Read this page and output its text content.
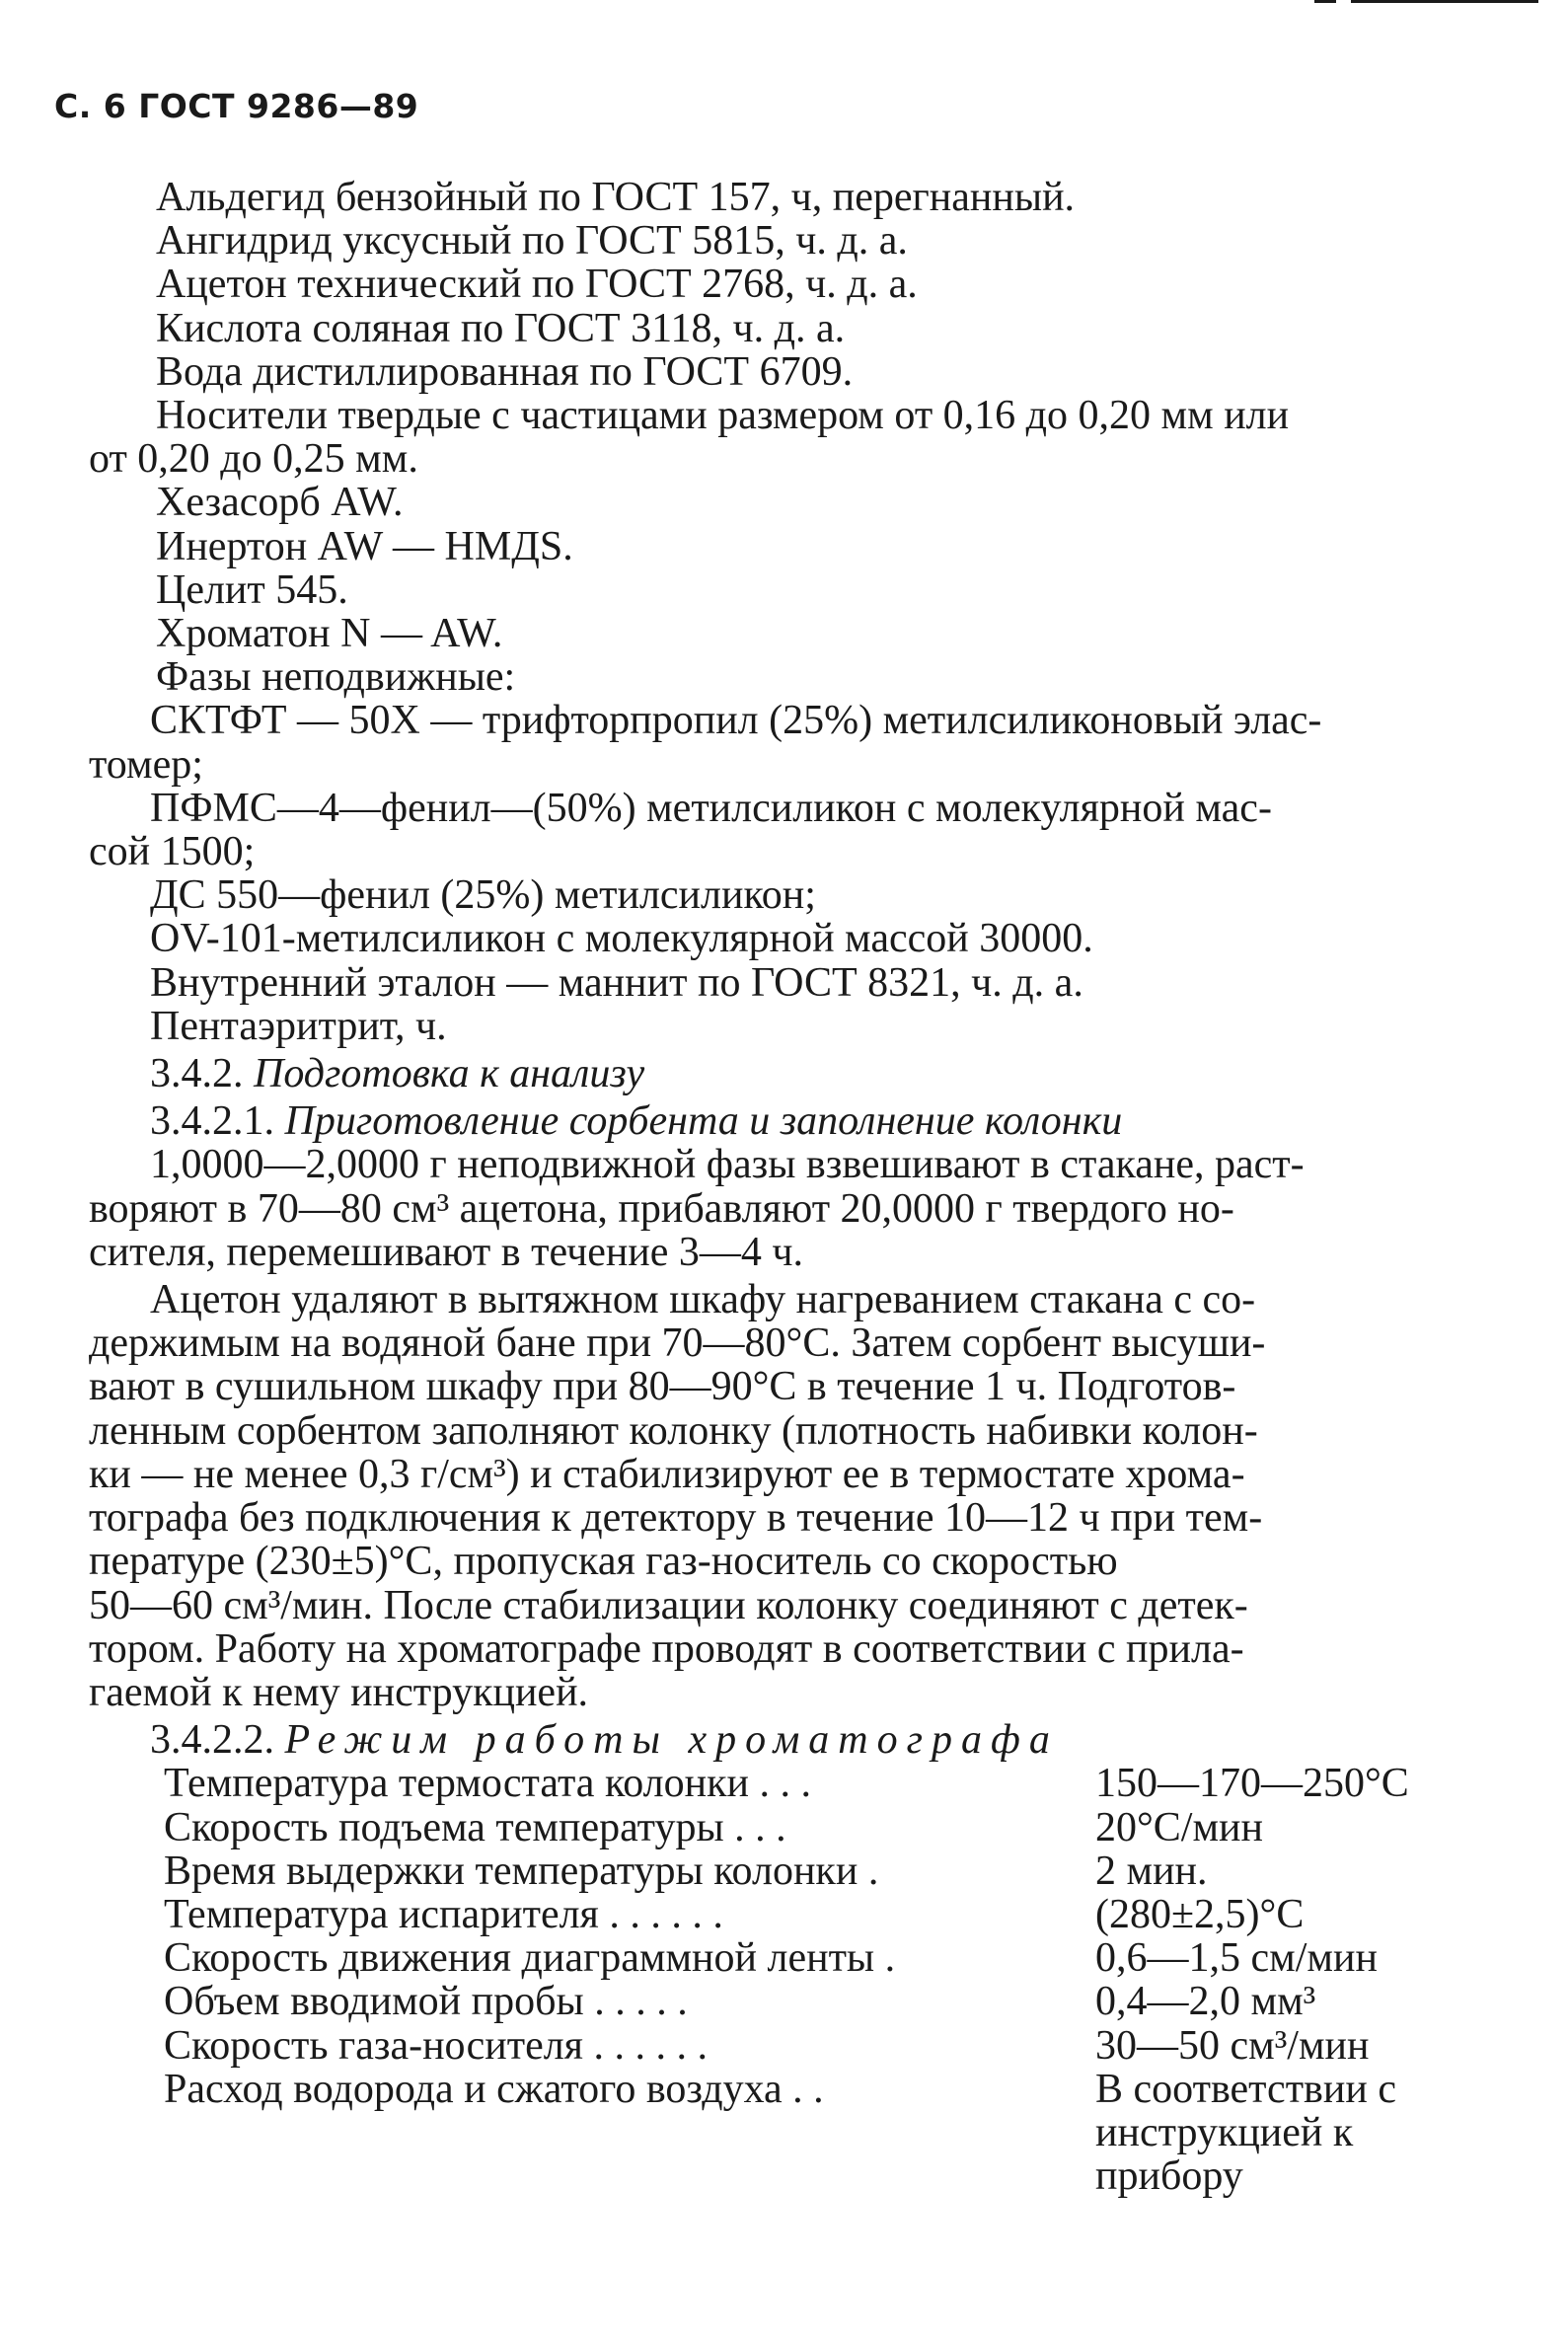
С. 6 ГОСТ 9286—89
Альдегид бензойный по ГОСТ 157, ч, перегнанный.
Ангидрид уксусный по ГОСТ 5815, ч. д. а.
Ацетон технический по ГОСТ 2768, ч. д. а.
Кислота соляная по ГОСТ 3118, ч. д. а.
Вода дистиллированная по ГОСТ 6709.
Носители твердые с частицами размером от 0,16 до 0,20 мм или
от 0,20 до 0,25 мм.
Хезасорб AW.
Инертон AW — HMДS.
Целит 545.
Хроматон N — AW.
Фазы неподвижные:
СКТФТ — 50Х — трифторпропил (25%) метилсиликоновый элас-
томер;
ПФМС—4—фенил—(50%) метилсиликон с молекулярной мас-
сой 1500;
ДС 550—фенил (25%) метилсиликон;
OV-101-метилсиликон с молекулярной массой 30000.
Внутренний эталон — маннит по ГОСТ 8321, ч. д. а.
Пентаэритрит, ч.
3.4.2. Подготовка к анализу
3.4.2.1. Приготовление сорбента и заполнение колонки
1,0000—2,0000 г неподвижной фазы взвешивают в стакане, раст-
воряют в 70—80 см³ ацетона, прибавляют 20,0000 г твердого но-
сителя, перемешивают в течение 3—4 ч.
Ацетон удаляют в вытяжном шкафу нагреванием стакана с со-
держимым на водяной бане при 70—80°С. Затем сорбент высуши-
вают в сушильном шкафу при 80—90°С в течение 1 ч. Подготов-
ленным сорбентом заполняют колонку (плотность набивки колон-
ки — не менее 0,3 г/см³) и стабилизируют ее в термостате хрома-
тографа без подключения к детектору в течение 10—12 ч при тем-
пературе (230±5)°С, пропуская газ-носитель со скоростью
50—60 см³/мин. После стабилизации колонку соединяют с детек-
тором. Работу на хроматографе проводят в соответствии с прила-
гаемой к нему инструкцией.
3.4.2.2. Режим работы хроматографа
Температура термостата колонки . . .	150—170—250°С
Скорость подъема температуры . . .	20°С/мин
Время выдержки температуры колонки .	2 мин.
Температура испарителя . . . . . .	(280±2,5)°С
Скорость движения диаграммной ленты .	0,6—1,5 см/мин
Объем вводимой пробы . . . . .	0,4—2,0 мм³
Скорость газа-носителя . . . . . .	30—50 см³/мин
Расход водорода и сжатого воздуха . .	В соответствии с
инструкцией к
прибору
